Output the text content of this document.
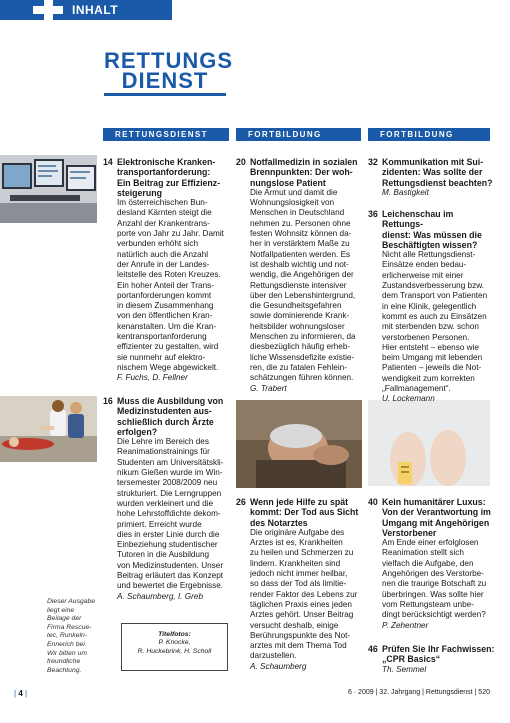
INHALT
RETTUNGS
DIENST
RETTUNGSDIENST	FORTBILDUNG	FORTBILDUNG
14 Elektronische Kranken-
transportanforderung:
Ein Beitrag zur Effizienz-
steigerung
Im österreichischen Bun-
desland Kärnten steigt die
Anzahl der Krankentrans-
porte von Jahr zu Jahr. Damit
verbunden erhöht sich
natürlich auch die Anzahl
der Anrufe in der Landes-
leitstelle des Roten Kreuzes.
Ein hoher Anteil der Trans-
portanforderungen kommt
in diesem Zusammenhang
von den öffentlichen Kran-
kenanstalten. Um die Kran-
kentransportanforderung
effizienter zu gestalten, wird
sie nunmehr auf elektro-
nischem Wege abgewickelt.
F. Fuchs, D. Fellner
16 Muss die Ausbildung von
Medizinstudenten aus-
schließlich durch Ärzte
erfolgen?
Die Lehre im Bereich des
Reanimationstrainings für
Studenten am Universitätskli-
nikum Gießen wurde im Win-
tersemester 2008/2009 neu
strukturiert. Die Lerngruppen
wurden verkleinert und die
hohe Lehrstoffdichte dekom-
primiert. Erreicht wurde
dies in erster Linie durch die
Einbeziehung studentischer
Tutoren in die Ausbildung
von Medizinstudenten. Unser
Beitrag erläutert das Konzept
und bewertet die Ergebnisse.
A. Schaumberg, I. Greb
20 Notfallmedizin in sozialen
Brennpunkten: Der woh-
nungslose Patient
Die Armut und damit die
Wohnungslosigkeit von
Menschen in Deutschland
nehmen zu. Personen ohne
festen Wohnsitz können da-
her in verstärktem Maße zu
Notfallpatienten werden. Es
ist deshalb wichtig und not-
wendig, die Angehörigen der
Rettungsdienste intensiver
über den Lebenshintergrund,
die Gesundheitsgefahren
sowie dominierende Krank-
heitsbilder wohnungsloser
Menschen zu informieren, da
diesbezüglich häufig erheb-
liche Wissensdefizite existie-
ren, die zu fatalen Fehlein-
schätzungen führen können.
G. Trabert
26 Wenn jede Hilfe zu spät
kommt: Der Tod aus Sicht
des Notarztes
Die originäre Aufgabe des
Arztes ist es, Krankheiten
zu heilen und Schmerzen zu
lindern. Krankheiten sind
jedoch nicht immer heilbar,
so dass der Tod als limitie-
render Faktor des Lebens zur
täglichen Praxis eines jeden
Arztes gehört. Unser Beitrag
versucht deshalb, einige
Berührungspunkte des Not-
arztes mit dem Thema Tod
darzustellen.
A. Schaumberg
32 Kommunikation mit Sui-
zidenten: Was sollte der
Rettungsdienst beachten?
M. Bastigkeit
36 Leichenschau im Rettungs-
dienst: Was müssen die
Beschäftigten wissen?
Nicht alle Rettungsdienst-
Einsätze enden bedau-
erlicherweise mit einer
Zustandsverbesserung bzw.
dem Transport von Patienten
in eine Klinik, gelegentlich
kommt es auch zu Einsätzen
mit sterbenden bzw. schon
verstorbenen Personen.
Hier entsteht – ebenso wie
beim Umgang mit lebenden
Patienten – jeweils die Not-
wendigkeit zum korrekten
„Fallmanagement“.
U. Lockemann
40 Kein humanitärer Luxus:
Von der Verantwortung im
Umgang mit Angehörigen
Verstorbener
Am Ende einer erfolglosen
Reanimation stellt sich
vielfach die Aufgabe, den
Angehörigen des Verstorbe-
nen die traurige Botschaft zu
überbringen. Was sollte hier
vom Rettungsteam unbe-
dingt berücksichtigt werden?
P. Zehentner
46 Prüfen Sie Ihr Fachwissen:
„CPR Basics“
Th. Semmel
Dieser Ausgabe
liegt eine
Beilage der
Firma Rescue-
tec, Runkeln-
Ennerich bei.
Wir bitten um
freundliche
Beachtung.
Titelfotos:
P. Knocke,
R. Huckebrink, H. Scholl
| 4 |	6 · 2009 | 32. Jahrgang | Rettungsdienst | 520
